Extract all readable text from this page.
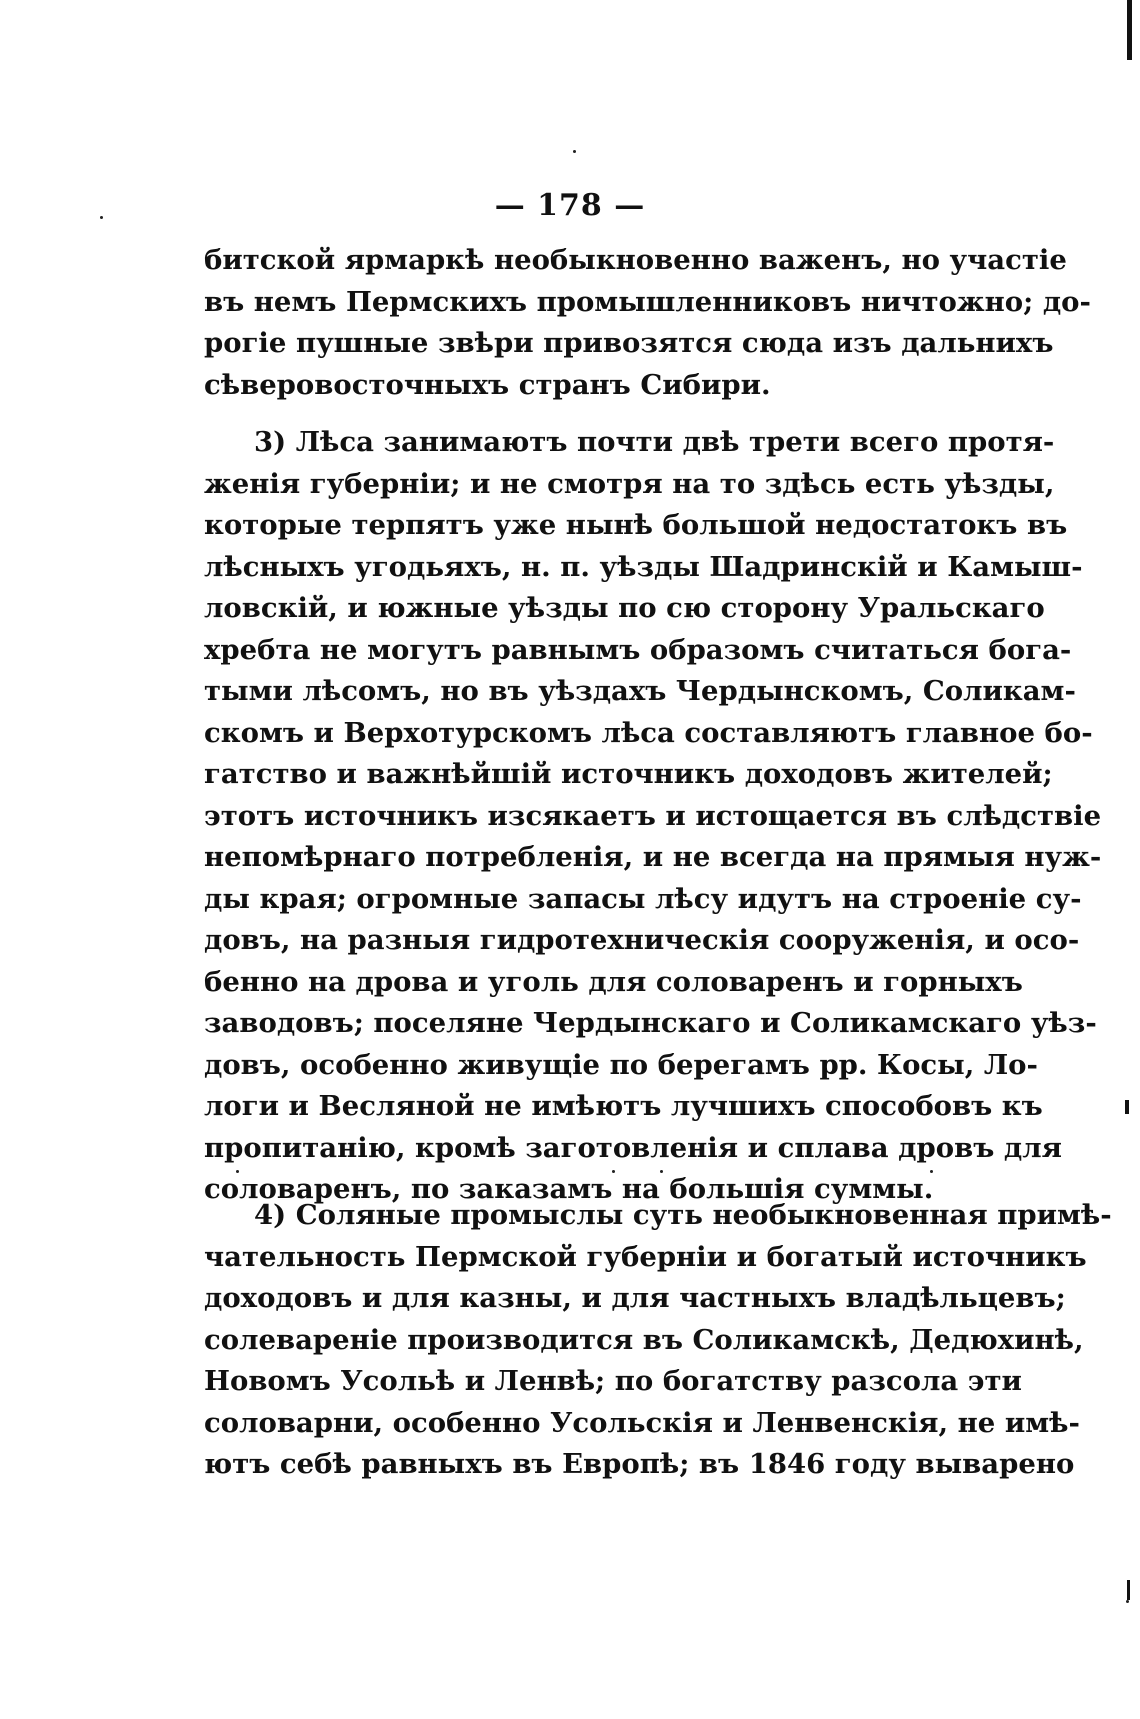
— 178 —
битской ярмаркѣ необыкновенно важенъ, но участіе
въ немъ Пермскихъ промышленниковъ ничтожно; до-
рогіе пушные звѣри привозятся сюда изъ дальнихъ
сѣверовосточныхъ странъ Сибири.
3) Лѣса занимаютъ почти двѣ трети всего протя-
женія губерніи; и не смотря на то здѣсь есть уѣзды,
которые терпятъ уже нынѣ большой недостатокъ въ
лѣсныхъ угодьяхъ, н. п. уѣзды Шадринскій и Камыш-
ловскій, и южные уѣзды по сю сторону Уральскаго
хребта не могутъ равнымъ образомъ считаться бога-
тыми лѣсомъ, но въ уѣздахъ Чердынскомъ, Соликам-
скомъ и Верхотурскомъ лѣса составляютъ главное бо-
гатство и важнѣйшій источникъ доходовъ жителей;
этотъ источникъ изсякаетъ и истощается въ слѣдствіе
непомѣрнаго потребленія, и не всегда на прямыя нуж-
ды края; огромные запасы лѣсу идутъ на строеніе су-
довъ, на разныя гидротехническія сооруженія, и осо-
бенно на дрова и уголь для соловаренъ и горныхъ
заводовъ; поселяне Чердынскаго и Соликамскаго уѣз-
довъ, особенно живущіе по берегамъ рр. Косы, Ло-
логи и Весляной не имѣютъ лучшихъ способовъ къ
пропитанію, кромѣ заготовленія и сплава дровъ для
соловаренъ, по заказамъ на большія суммы.
4) Соляные промыслы суть необыкновенная примѣ-
чательность Пермской губерніи и богатый источникъ
доходовъ и для казны, и для частныхъ владѣльцевъ;
солевареніе производится въ Соликамскѣ, Дедюхинѣ,
Новомъ Усольѣ и Ленвѣ; по богатству разсола эти
соловарни, особенно Усольскія и Ленвенскія, не имѣ-
ютъ себѣ равныхъ въ Европѣ; въ 1846 году выварено
